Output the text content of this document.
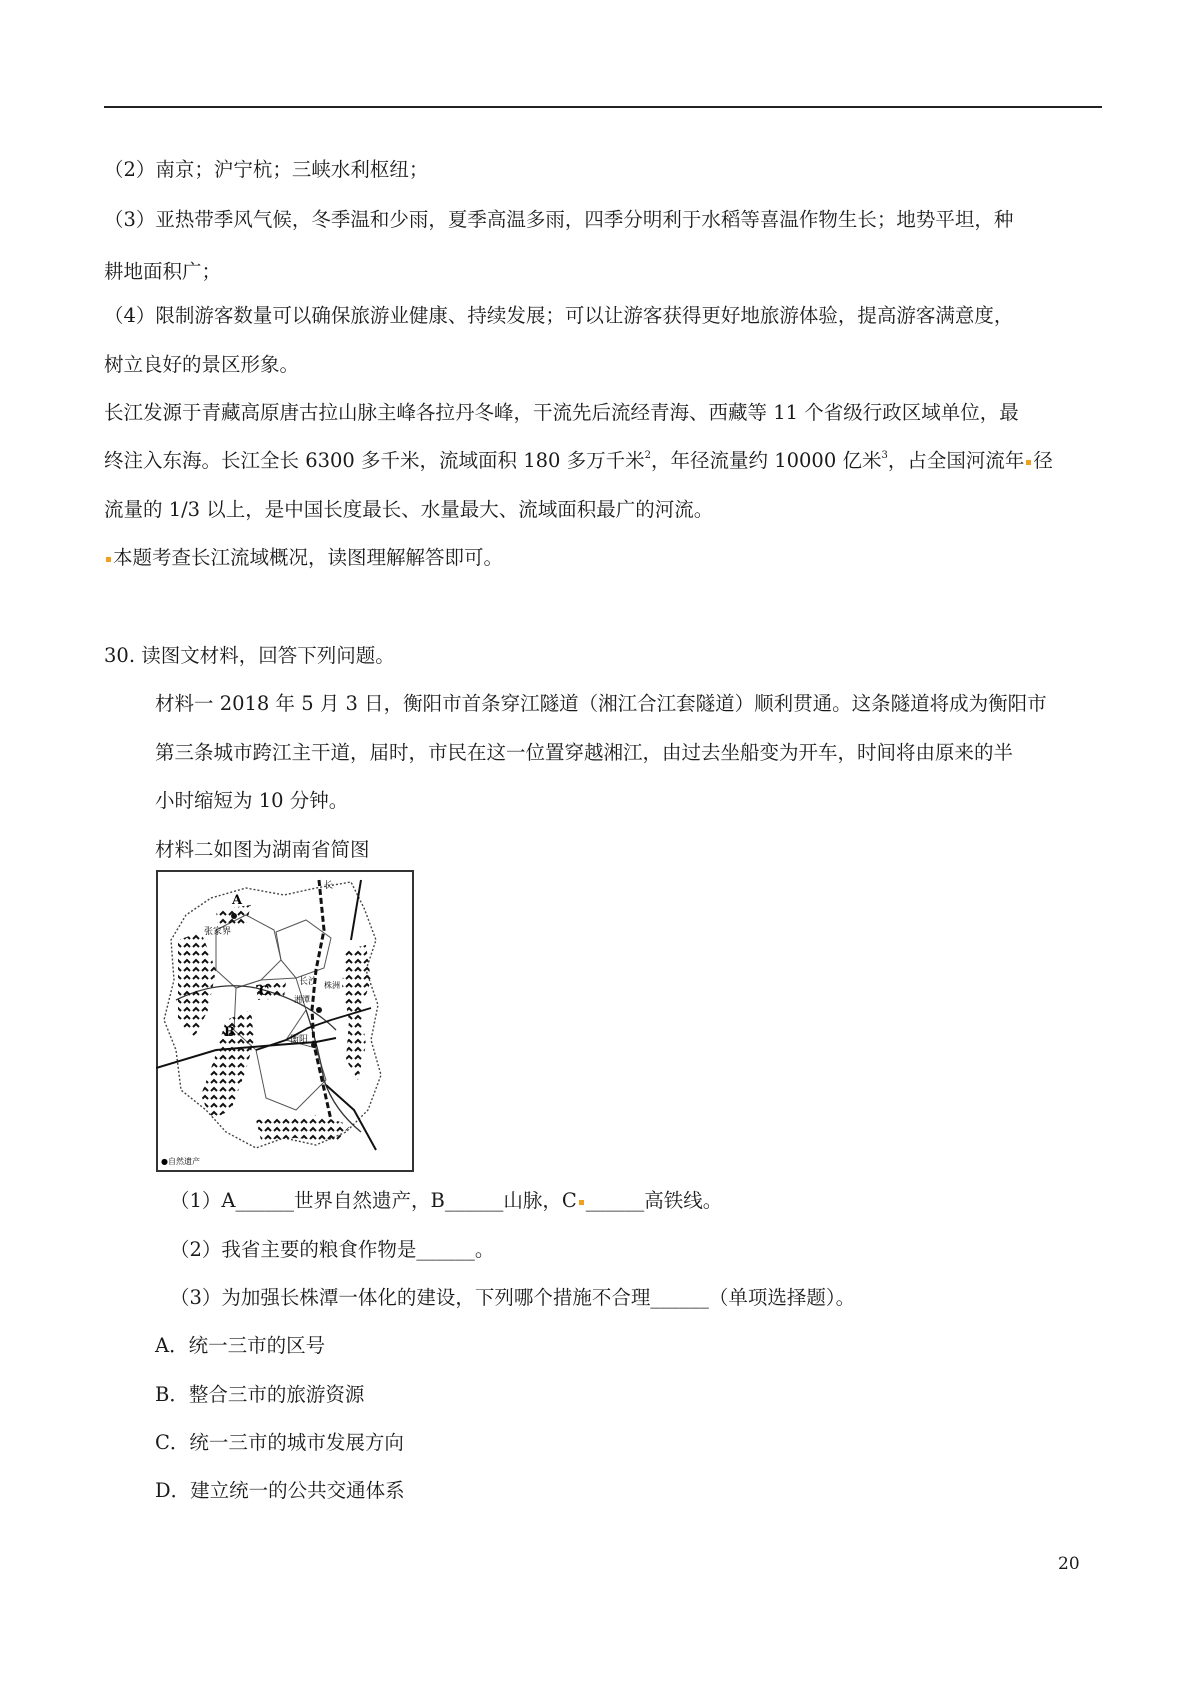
（2）南京；沪宁杭；三峡水利枢纽；
（3）亚热带季风气候，冬季温和少雨，夏季高温多雨，四季分明利于水稻等喜温作物生长；地势平坦，种
耕地面积广；
（4）限制游客数量可以确保旅游业健康、持续发展；可以让游客获得更好地旅游体验，提高游客满意度，
树立良好的景区形象。
长江发源于青藏高原唐古拉山脉主峰各拉丹冬峰，干流先后流经青海、西藏等 11 个省级行政区域单位，最
终注入东海。长江全长 6300 多千米，流域面积 180 多万千米$^2$，年径流量约 10000 亿米$^3$，占全国河流年 径
流量的 1/3 以上，是中国长度最长、水量最大、流域面积最广的河流。
本题考查长江流域概况，读图理解解答即可。
30. 读图文材料，回答下列问题。
材料一 2018 年 5 月 3 日，衡阳市首条穿江隧道（湘江合江套隧道）顺利贯通。这条隧道将成为衡阳市
第三条城市跨江主干道，届时，市民在这一位置穿越湘江，由过去坐船变为开车，时间将由原来的半
小时缩短为 10 分钟。
材料二如图为湖南省简图
A
B
C
张家界
长沙
湘潭
株洲
衡阳
长
●自然遗产
（1）A______世界自然遗产，B______山脉，C ______高铁线。
（2）我省主要的粮食作物是______。
（3）为加强长株潭一体化的建设，下列哪个措施不合理______（单项选择题）。
A．统一三市的区号
B．整合三市的旅游资源
C．统一三市的城市发展方向
D．建立统一的公共交通体系
20
